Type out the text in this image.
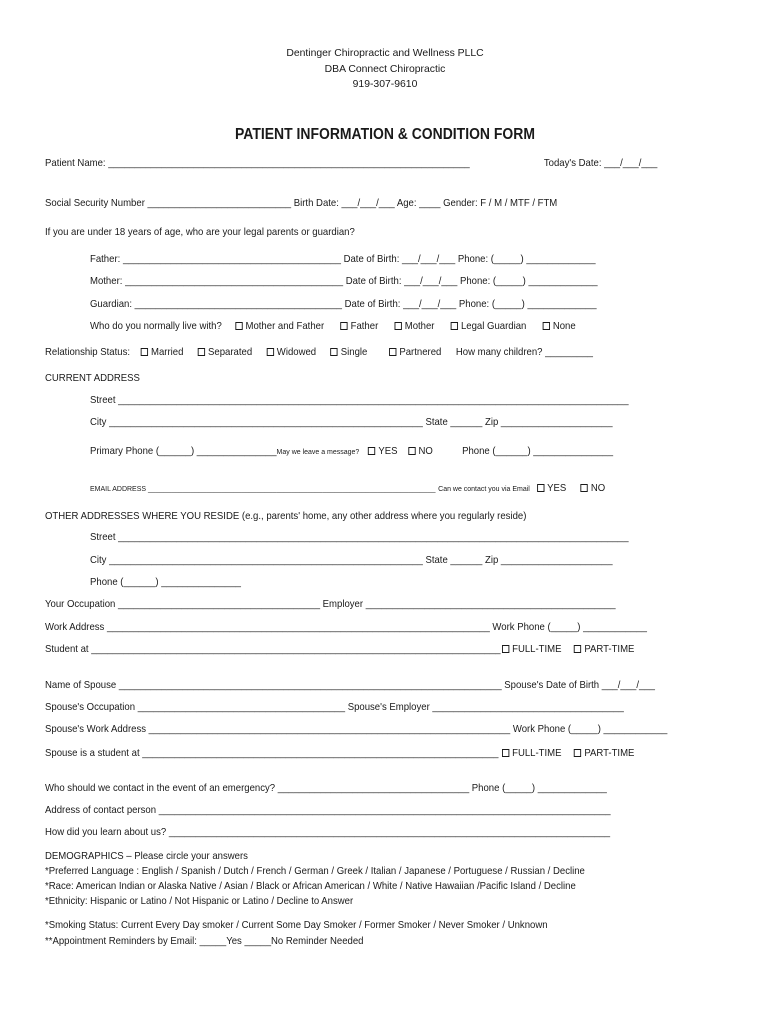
Dentinger Chiropractic and Wellness PLLC
DBA Connect Chiropractic
919-307-9610
PATIENT INFORMATION & CONDITION FORM
Patient Name: ____________________________________________________________________	Today's Date: ___/___/___
Social Security Number ___________________________ Birth Date: ___/___/___ Age: ____ Gender: F / M / MTF / FTM
If you are under 18 years of age, who are your legal parents or guardian?
Father: _________________________________________ Date of Birth: ___/___/___ Phone: (_____) _____________
Mother: _________________________________________ Date of Birth: ___/___/___ Phone: (_____) _____________
Guardian: _______________________________________ Date of Birth: ___/___/___ Phone: (_____) _____________
Who do you normally live with? Mother and Father	Father	Mother	Legal Guardian	None
Relationship Status: Married Separated Widowed Single	Partnered How many children? _________
CURRENT ADDRESS
Street ________________________________________________________________________________________________
City ___________________________________________________________ State ______ Zip _____________________
Primary Phone (______) _______________May we leave a message? YES NO	Phone (______) _______________
EMAIL ADDRESS __________________________________________________________________________ Can we contact you via Email YES NO
OTHER ADDRESSES WHERE YOU RESIDE (e.g., parents' home, any other address where you regularly reside)
Street ________________________________________________________________________________________________
City ___________________________________________________________ State ______ Zip _____________________
Phone (______) _______________
Your Occupation ______________________________________ Employer _______________________________________________
Work Address ________________________________________________________________________ Work Phone (_____) ____________
Student at _____________________________________________________________________________	FULL-TIME PART-TIME
Name of Spouse ________________________________________________________________________ Spouse's Date of Birth ___/___/___
Spouse's Occupation _______________________________________ Spouse's Employer ____________________________________
Spouse's Work Address ____________________________________________________________________ Work Phone (_____) ____________
Spouse is a student at ___________________________________________________________________	FULL-TIME PART-TIME
Who should we contact in the event of an emergency? ____________________________________ Phone (_____) _____________
Address of contact person _____________________________________________________________________________________
How did you learn about us? ___________________________________________________________________________________
DEMOGRAPHICS – Please circle your answers
*Preferred Language : English / Spanish / Dutch / French / German / Greek / Italian / Japanese / Portuguese / Russian / Decline
*Race: American Indian or Alaska Native / Asian / Black or African American / White / Native Hawaiian /Pacific Island / Decline
*Ethnicity: Hispanic or Latino / Not Hispanic or Latino / Decline to Answer
*Smoking Status: Current Every Day smoker / Current Some Day Smoker / Former Smoker / Never Smoker / Unknown
**Appointment Reminders by Email: _____Yes _____No Reminder Needed
